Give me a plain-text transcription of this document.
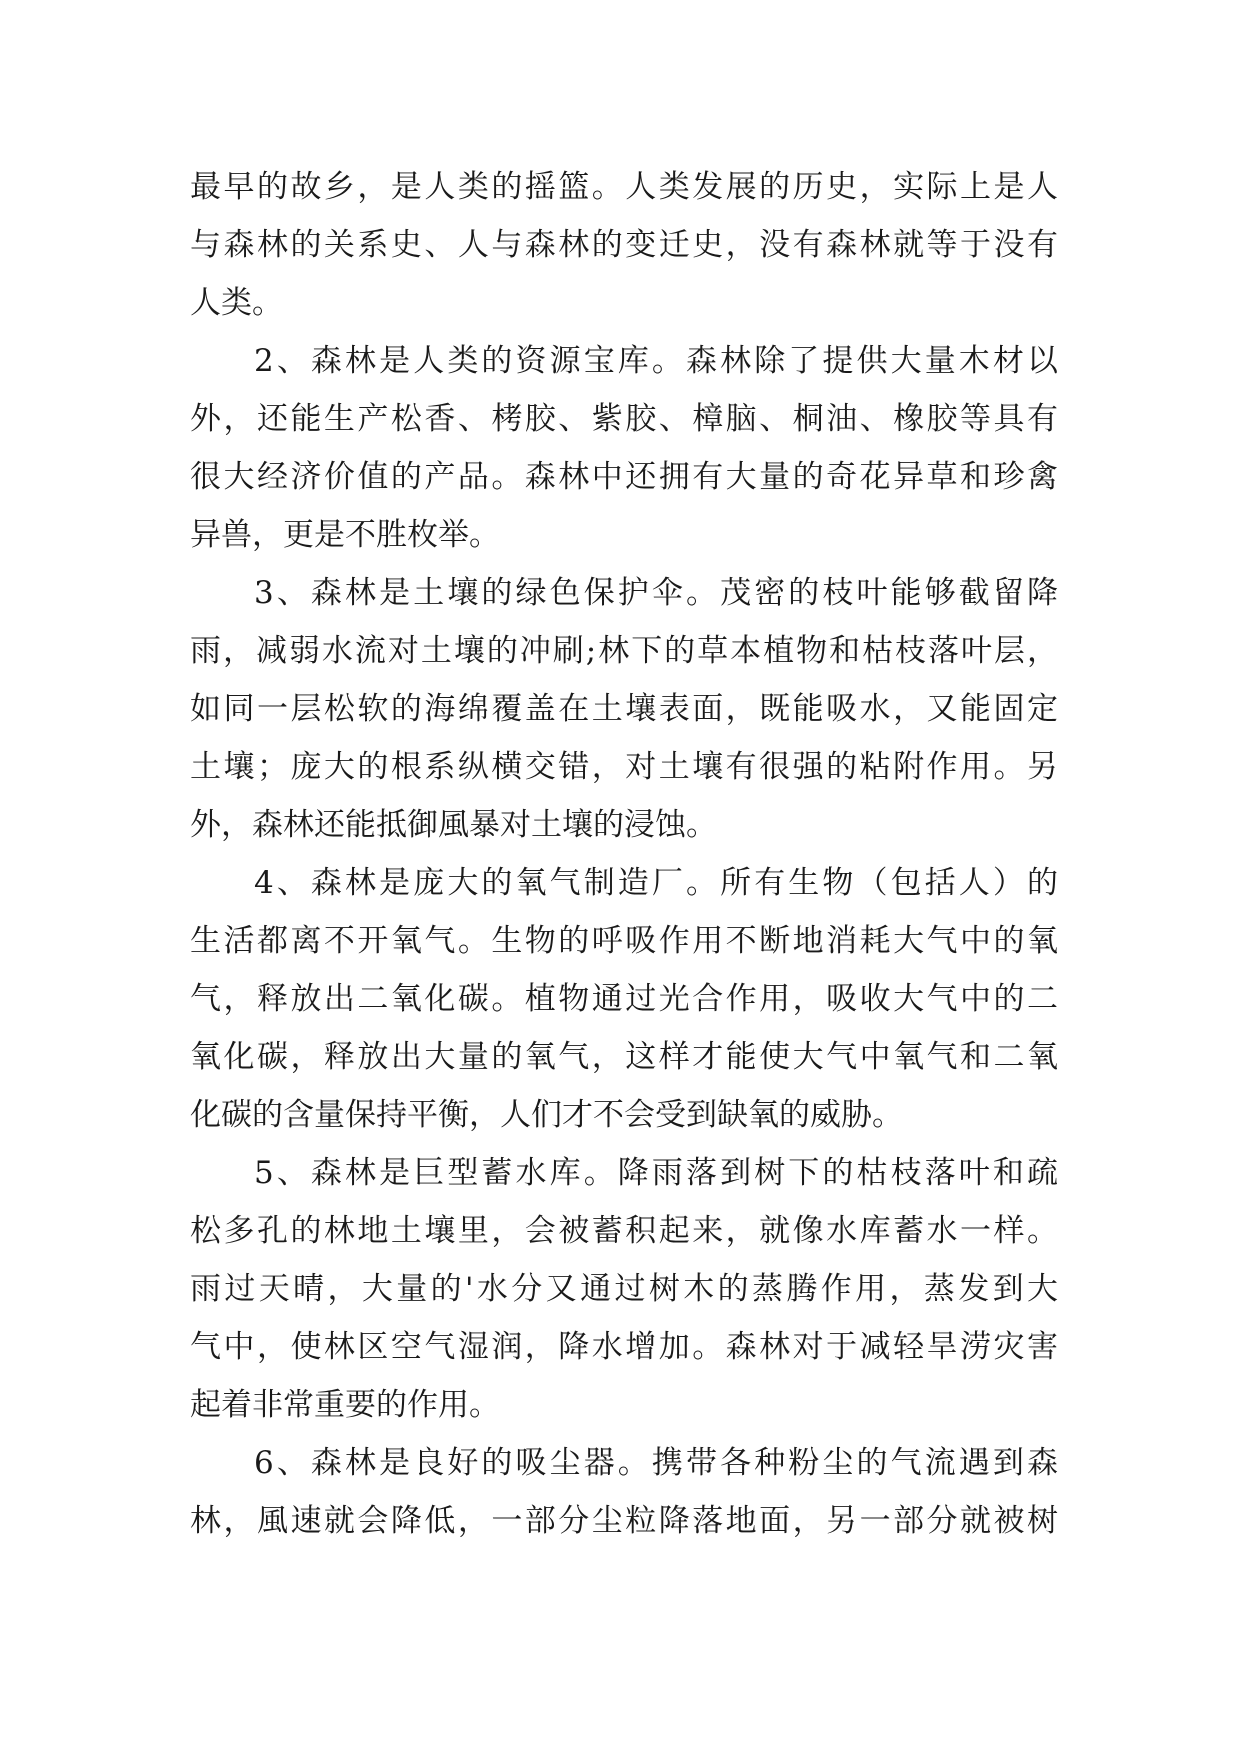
最早的故乡，是人类的摇篮。人类发展的历史，实际上是人
与森林的关系史、人与森林的变迁史，没有森林就等于没有
人类。
2、森林是人类的资源宝库。森林除了提供大量木材以
外，还能生产松香、栲胶、紫胶、樟脑、桐油、橡胶等具有
很大经济价值的产品。森林中还拥有大量的奇花异草和珍禽
异兽，更是不胜枚举。
3、森林是土壤的绿色保护伞。茂密的枝叶能够截留降
雨，减弱水流对土壤的冲刷;林下的草本植物和枯枝落叶层，
如同一层松软的海绵覆盖在土壤表面，既能吸水，又能固定
土壤；庞大的根系纵横交错，对土壤有很强的粘附作用。另
外，森林还能抵御風暴对土壤的浸蚀。
4、森林是庞大的氧气制造厂。所有生物（包括人）的
生活都离不开氧气。生物的呼吸作用不断地消耗大气中的氧
气，释放出二氧化碳。植物通过光合作用，吸收大气中的二
氧化碳，释放出大量的氧气，这样才能使大气中氧气和二氧
化碳的含量保持平衡，人们才不会受到缺氧的威胁。
5、森林是巨型蓄水库。降雨落到树下的枯枝落叶和疏
松多孔的林地土壤里，会被蓄积起来，就像水库蓄水一样。
雨过天晴，大量的'水分又通过树木的蒸腾作用，蒸发到大
气中，使林区空气湿润，降水增加。森林对于减轻旱涝灾害
起着非常重要的作用。
6、森林是良好的吸尘器。携带各种粉尘的气流遇到森
林，風速就会降低，一部分尘粒降落地面，另一部分就被树
